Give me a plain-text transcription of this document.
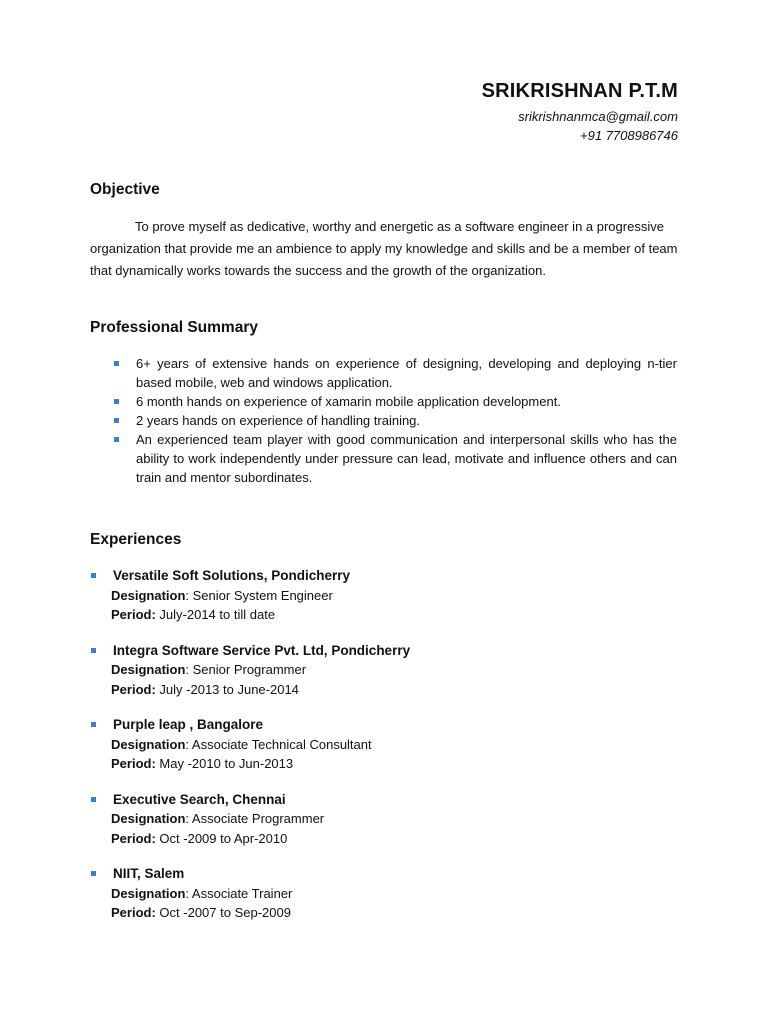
SRIKRISHNAN P.T.M
srikrishnanmca@gmail.com
+91 7708986746
Objective
To prove myself as dedicative, worthy and energetic as a software engineer in a progressive organization that provide me an ambience to apply my knowledge and skills and be a member of team that dynamically works towards the success and the growth of the organization.
Professional Summary
6+ years of extensive hands on experience of designing, developing and deploying n-tier based mobile, web and windows application.
6 month hands on experience of xamarin mobile application development.
2 years hands on experience of handling training.
An experienced team player with good communication and interpersonal skills who has the ability to work independently under pressure can lead, motivate and influence others and can train and mentor subordinates.
Experiences
Versatile Soft Solutions, Pondicherry
Designation: Senior System Engineer
Period: July-2014 to till date
Integra Software Service Pvt. Ltd, Pondicherry
Designation: Senior Programmer
Period: July -2013 to June-2014
Purple leap , Bangalore
Designation: Associate Technical Consultant
Period: May -2010 to Jun-2013
Executive Search, Chennai
Designation: Associate Programmer
Period: Oct -2009 to Apr-2010
NIIT, Salem
Designation: Associate Trainer
Period: Oct -2007 to Sep-2009
